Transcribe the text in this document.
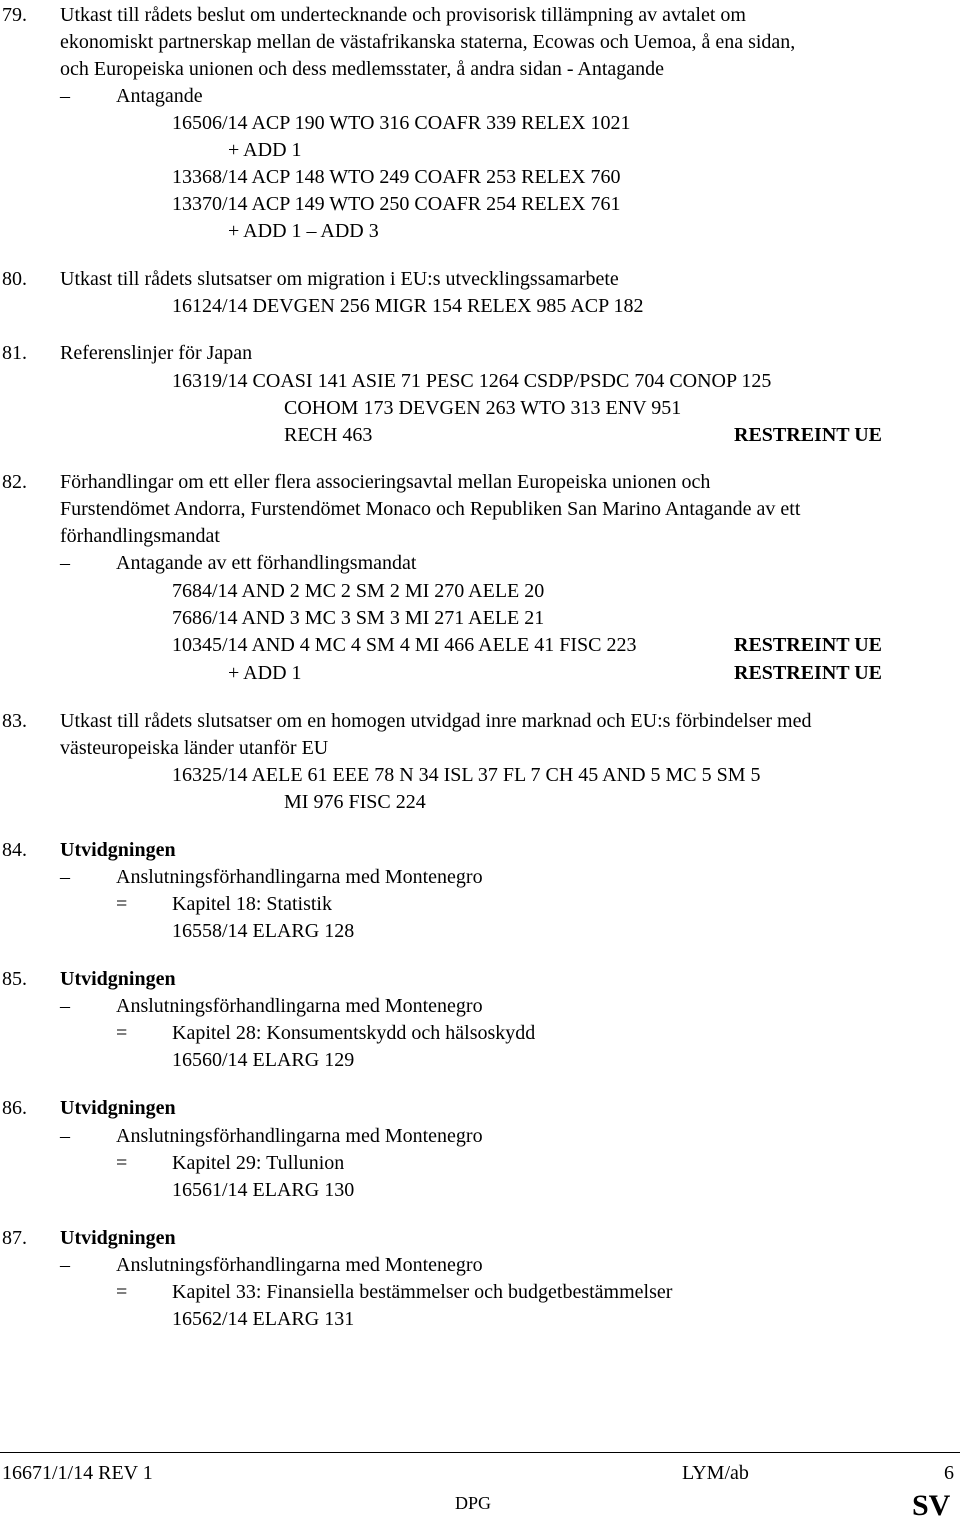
79. Utkast till rådets beslut om undertecknande och provisorisk tillämpning av avtalet om
ekonomiskt partnerskap mellan de västafrikanska staterna, Ecowas och Uemoa, å ena sidan,
och Europeiska unionen och dess medlemsstater, å andra sidan - Antagande
– Antagande
16506/14 ACP 190 WTO 316 COAFR 339 RELEX 1021
+ ADD 1
13368/14 ACP 148 WTO 249 COAFR 253 RELEX 760
13370/14 ACP 149 WTO 250 COAFR 254 RELEX 761
+ ADD 1 – ADD 3
80. Utkast till rådets slutsatser om migration i EU:s utvecklingssamarbete
16124/14 DEVGEN 256 MIGR 154 RELEX 985 ACP 182
81. Referenslinjer för Japan
16319/14 COASI 141 ASIE 71 PESC 1264 CSDP/PSDC 704 CONOP 125
COHOM 173 DEVGEN 263 WTO 313 ENV 951
RECH 463	RESTREINT UE
82. Förhandlingar om ett eller flera associeringsavtal mellan Europeiska unionen och
Furstendömet Andorra, Furstendömet Monaco och Republiken San Marino Antagande av ett
förhandlingsmandat
– Antagande av ett förhandlingsmandat
7684/14 AND 2 MC 2 SM 2 MI 270 AELE 20
7686/14 AND 3 MC 3 SM 3 MI 271 AELE 21
10345/14 AND 4 MC 4 SM 4 MI 466 AELE 41 FISC 223	RESTREINT UE
+ ADD 1	RESTREINT UE
83. Utkast till rådets slutsatser om en homogen utvidgad inre marknad och EU:s förbindelser med
västeuropeiska länder utanför EU
16325/14 AELE 61 EEE 78 N 34 ISL 37 FL 7 CH 45 AND 5 MC 5 SM 5
MI 976 FISC 224
84. Utvidgningen
– Anslutningsförhandlingarna med Montenegro
= Kapitel 18: Statistik
16558/14 ELARG 128
85. Utvidgningen
– Anslutningsförhandlingarna med Montenegro
= Kapitel 28: Konsumentskydd och hälsoskydd
16560/14 ELARG 129
86. Utvidgningen
– Anslutningsförhandlingarna med Montenegro
= Kapitel 29: Tullunion
16561/14 ELARG 130
87. Utvidgningen
– Anslutningsförhandlingarna med Montenegro
= Kapitel 33: Finansiella bestämmelser och budgetbestämmelser
16562/14 ELARG 131
16671/1/14 REV 1	LYM/ab	6
DPG	SV
